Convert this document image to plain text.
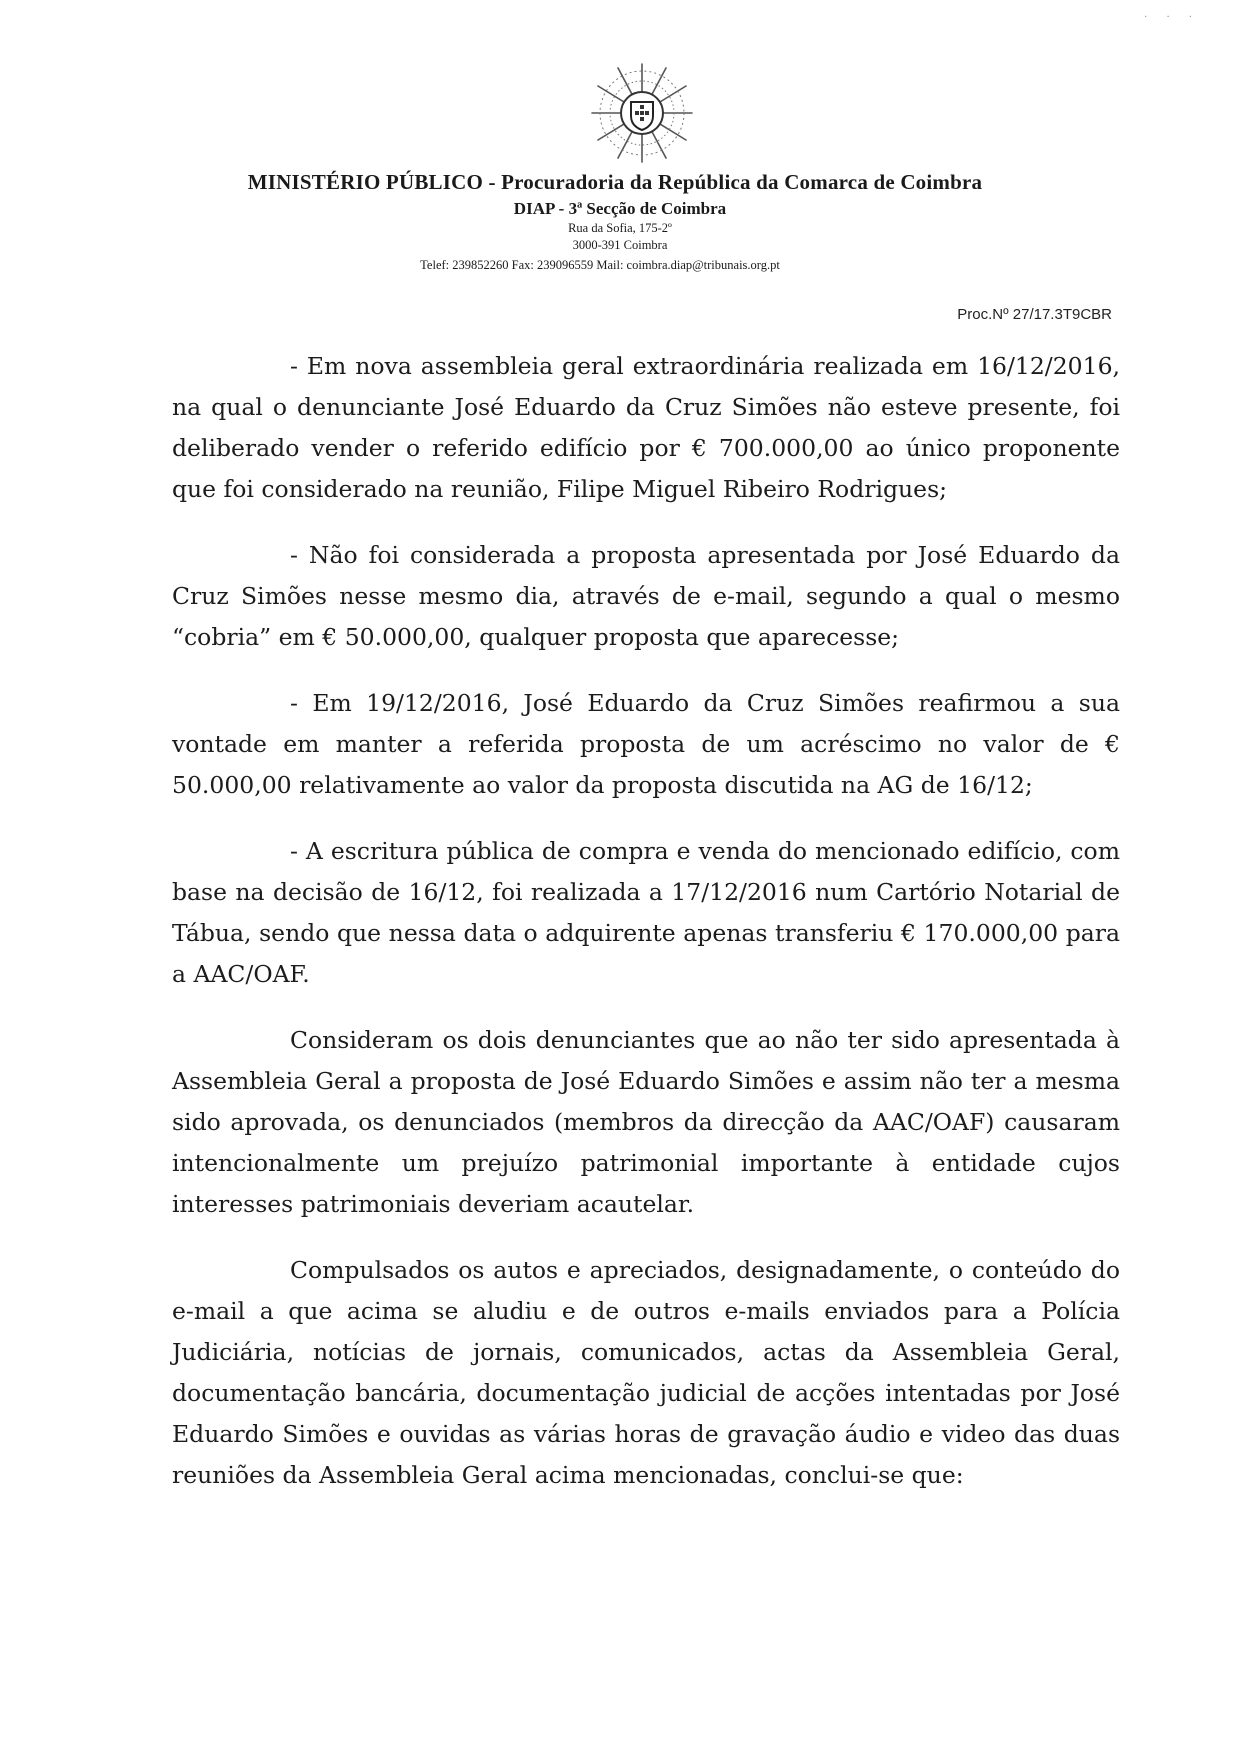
· · ·
MINISTÉRIO PÚBLICO - Procuradoria da República da Comarca de Coimbra
DIAP - 3ª Secção de Coimbra
Rua da Sofia, 175-2º
3000-391 Coimbra
Telef: 239852260 Fax: 239096559 Mail: coimbra.diap@tribunais.org.pt
Proc.Nº 27/17.3T9CBR

- Em nova assembleia geral extraordinária realizada em 16/12/2016, na qual o denunciante José Eduardo da Cruz Simões não esteve presente, foi deliberado vender o referido edifício por € 700.000,00 ao único proponente que foi considerado na reunião, Filipe Miguel Ribeiro Rodrigues;

- Não foi considerada a proposta apresentada por José Eduardo da Cruz Simões nesse mesmo dia, através de e-mail, segundo a qual o mesmo “cobria” em € 50.000,00, qualquer proposta que aparecesse;

- Em 19/12/2016, José Eduardo da Cruz Simões reafirmou a sua vontade em manter a referida proposta de um acréscimo no valor de € 50.000,00 relativamente ao valor da proposta discutida na AG de 16/12;

- A escritura pública de compra e venda do mencionado edifício, com base na decisão de 16/12, foi realizada a 17/12/2016 num Cartório Notarial de Tábua, sendo que nessa data o adquirente apenas transferiu € 170.000,00 para a AAC/OAF.

Consideram os dois denunciantes que ao não ter sido apresentada à Assembleia Geral a proposta de José Eduardo Simões e assim não ter a mesma sido aprovada, os denunciados (membros da direcção da AAC/OAF) causaram intencionalmente um prejuízo patrimonial importante à entidade cujos interesses patrimoniais deveriam acautelar.

Compulsados os autos e apreciados, designadamente, o conteúdo do e-mail a que acima se aludiu e de outros e-mails enviados para a Polícia Judiciária, notícias de jornais, comunicados, actas da Assembleia Geral, documentação bancária, documentação judicial de acções intentadas por José Eduardo Simões e ouvidas as várias horas de gravação áudio e video das duas reuniões da Assembleia Geral acima mencionadas, conclui-se que:
